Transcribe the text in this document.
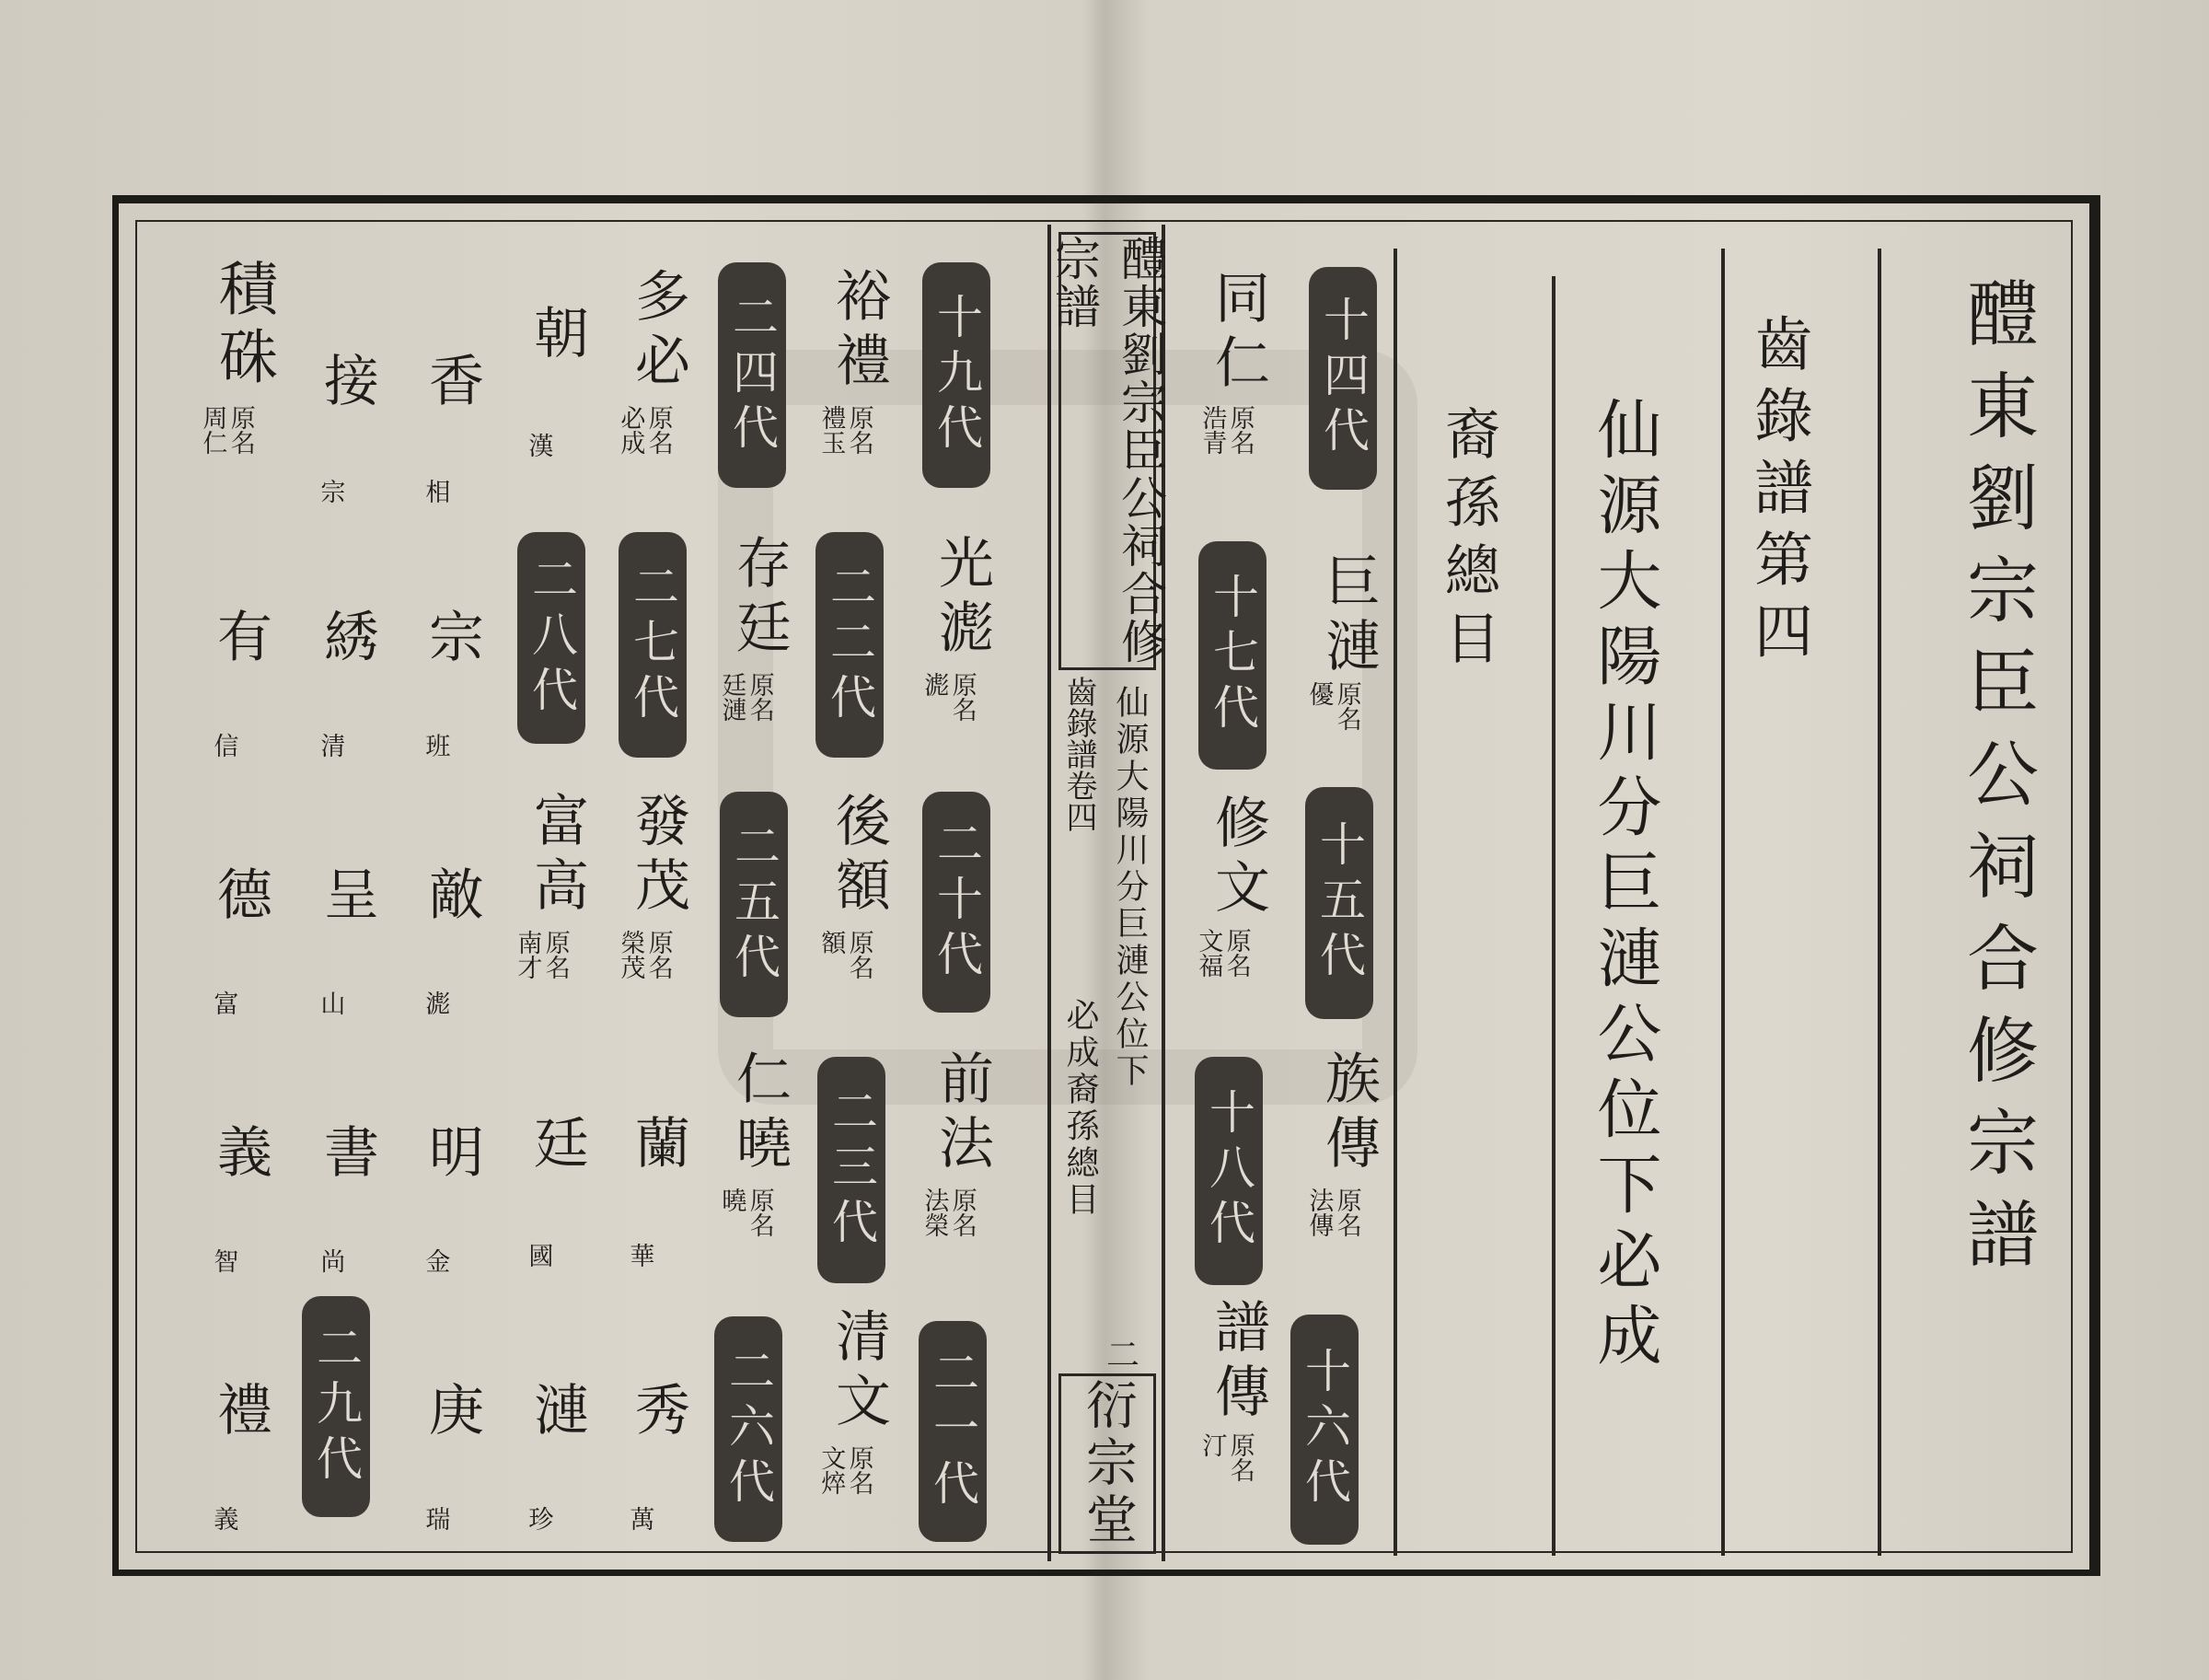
醴東劉宗臣公祠合修宗譜
齒錄譜第四
仙源大陽川分巨漣公位下必成
裔孫總目
十四代
十五代
十六代
十七代
十八代
同仁
原名
浩青
巨漣
原名
優
修文
原名
文福
族傳
原名
法傳
譜傳
原名
汀
醴東劉宗臣公祠合修宗譜
齒錄譜卷四 仙源大陽川分巨漣公位下
必成裔孫總目
二
衍宗堂
十九代
二十代
二一代
二二代
二三代
二四代
二五代
二六代
二七代
二八代
二九代
光滮
原名
滮
後額
原名
額
前法
原名
法榮
清文
原名
文焠
裕禮
原名
禮玉
存廷
原名
廷漣
仁曉
原名
曉
多必
原名
必成
發茂
原名
榮茂
蘭
華
秀
萬
朝
漢
富高
原名
南才
廷
國
漣
珍
香
相
宗
班
敵
滮
明
金
庚
瑞
接
宗
綉
清
呈
山
書
尚
積硃
原名
周仁
有
信
德
富
義
智
禮
義
